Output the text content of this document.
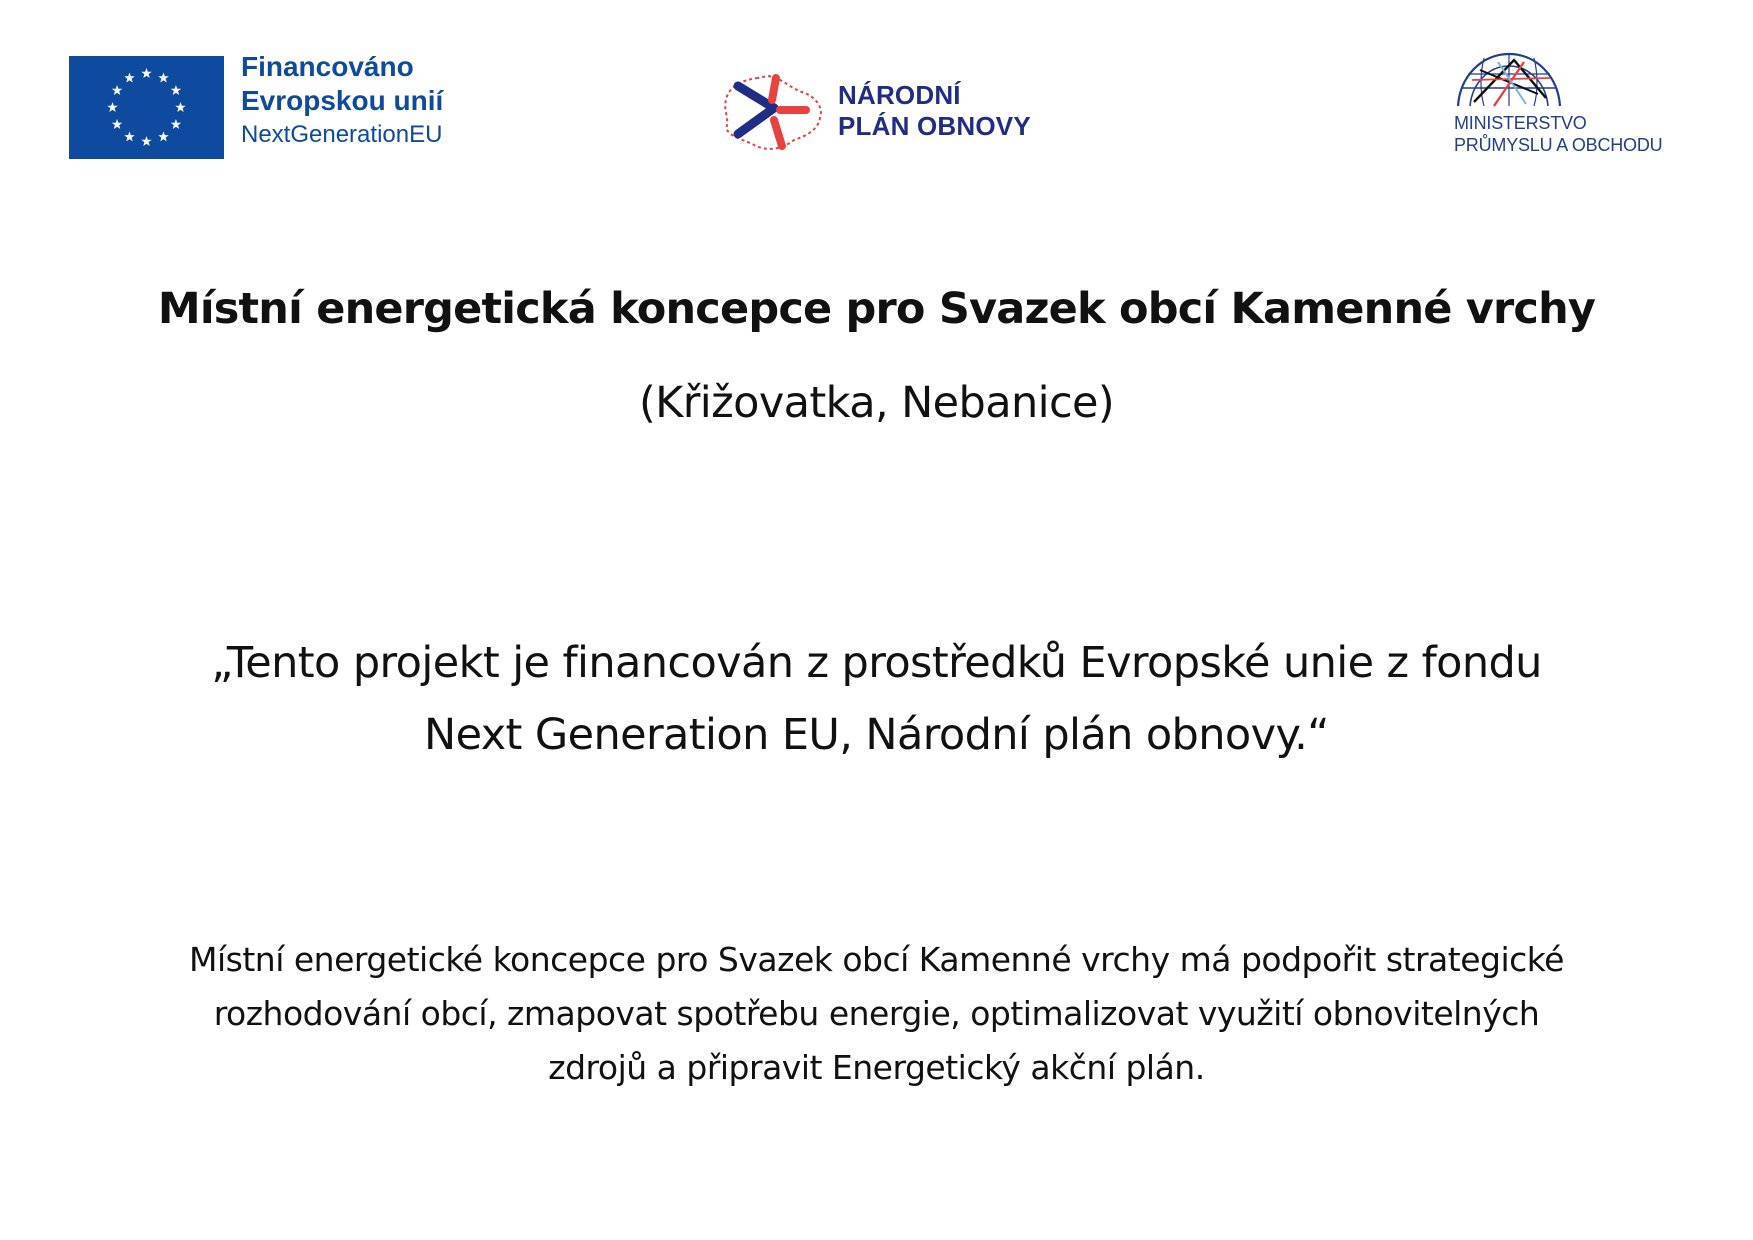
Financováno
Evropskou unií
NextGenerationEU
NÁRODNÍ
PLÁN OBNOVY	MINISTERSTVO
PRŮMYSLU A OBCHODU
Místní energetická koncepce pro Svazek obcí Kamenné vrchy
(Křižovatka, Nebanice)
„Tento projekt je financován z prostředků Evropské unie z fondu
Next Generation EU, Národní plán obnovy.“
Místní energetické koncepce pro Svazek obcí Kamenné vrchy má podpořit strategické
rozhodování obcí, zmapovat spotřebu energie, optimalizovat využití obnovitelných
zdrojů a připravit Energetický akční plán.
